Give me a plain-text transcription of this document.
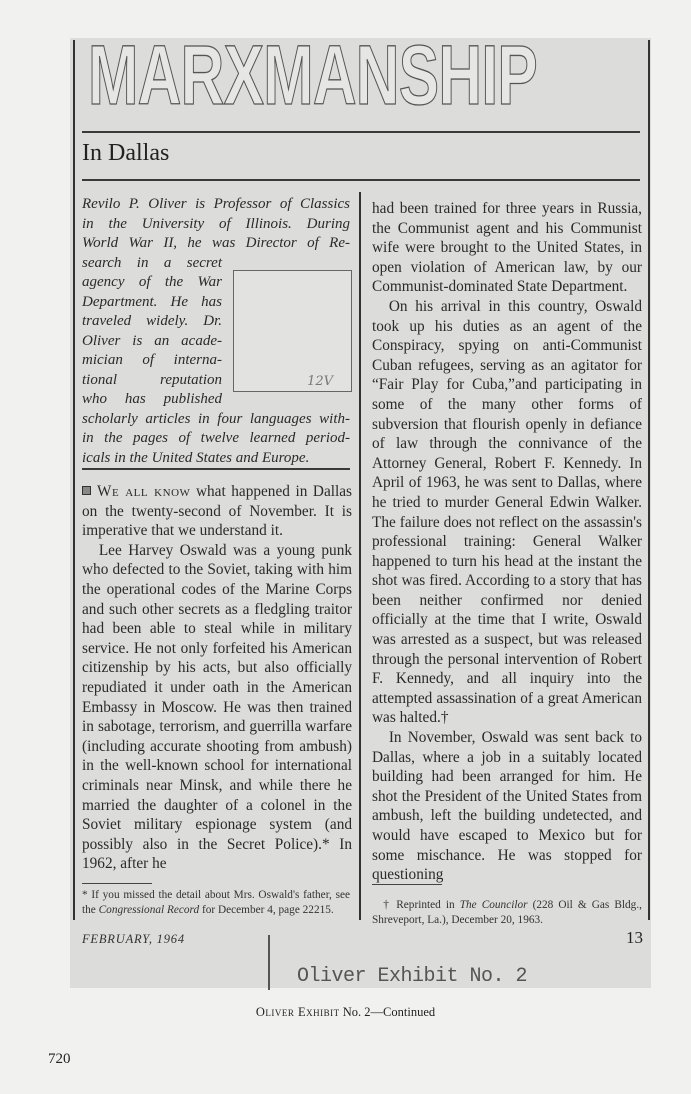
MARXMANSHIP
In Dallas
Revilo P. Oliver is Professor of Classics
in the University of Illinois. During
World War II, he was Director of Re-
search in a secret
agency of the War
Department. He has
traveled widely. Dr.
Oliver is an acade-
mician of interna-
tional reputation
who has published
scholarly articles in four languages with-
in the pages of twelve learned period-
icals in the United States and Europe.
12V

We all know what happened in Dallas on the twenty-second of November. It is imperative that we understand it.

Lee Harvey Oswald was a young punk who defected to the Soviet, taking with him the operational codes of the Marine Corps and such other secrets as a fledgling traitor had been able to steal while in military service. He not only forfeited his American citizenship by his acts, but also officially repudiated it under oath in the American Embassy in Moscow. He was then trained in sabotage, terrorism, and guerrilla warfare (including accurate shooting from ambush) in the well-known school for international criminals near Minsk, and while there he married the daughter of a colonel in the Soviet military espionage system (and possibly also in the Secret Police).* In 1962, after he

* If you missed the detail about Mrs. Oswald's father, see the Congressional Record for December 4, page 22215.

had been trained for three years in Russia, the Communist agent and his Communist wife were brought to the United States, in open violation of American law, by our Communist-dominated State Department.

On his arrival in this country, Oswald took up his duties as an agent of the Conspiracy, spying on anti-Communist Cuban refugees, serving as an agitator for “Fair Play for Cuba,”and participating in some of the many other forms of subversion that flourish openly in defiance of law through the connivance of the Attorney General, Robert F. Kennedy. In April of 1963, he was sent to Dallas, where he tried to murder General Edwin Walker. The failure does not reflect on the assassin's professional training: General Walker happened to turn his head at the instant the shot was fired. According to a story that has been neither confirmed nor denied officially at the time that I write, Oswald was arrested as a suspect, but was released through the personal intervention of Robert F. Kennedy, and all inquiry into the attempted assassination of a great American was halted.†

In November, Oswald was sent back to Dallas, where a job in a suitably located building had been arranged for him. He shot the President of the United States from ambush, left the building undetected, and would have escaped to Mexico but for some mischance. He was stopped for questioning

† Reprinted in The Councilor (228 Oil & Gas Bldg., Shreveport, La.), December 20, 1963.
FEBRUARY, 1964	13
Oliver Exhibit No. 2
Oliver Exhibit No. 2—Continued
720
